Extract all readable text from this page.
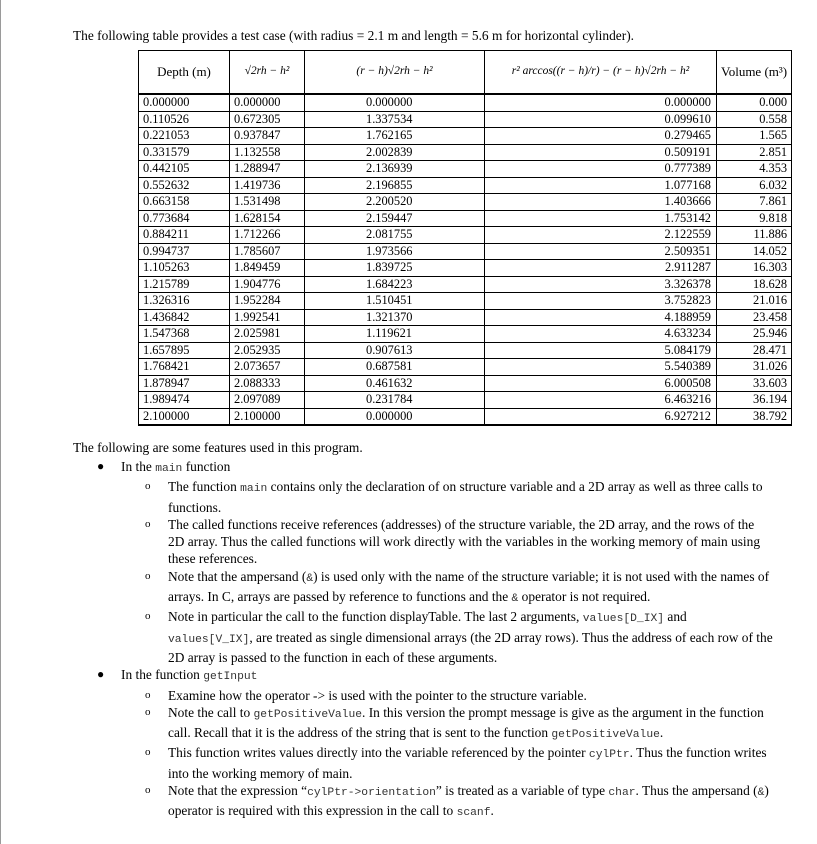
The following table provides a test case (with radius = 2.1 m and length = 5.6 m for horizontal cylinder).
Depth (m)	√2rh − h²	(r − h)√2rh − h²	r² arccos((r − h)/r) − (r − h)√2rh − h²	Volume (m³)
0.000000	0.000000	0.000000	0.000000	0.000
0.110526	0.672305	1.337534	0.099610	0.558
0.221053	0.937847	1.762165	0.279465	1.565
0.331579	1.132558	2.002839	0.509191	2.851
0.442105	1.288947	2.136939	0.777389	4.353
0.552632	1.419736	2.196855	1.077168	6.032
0.663158	1.531498	2.200520	1.403666	7.861
0.773684	1.628154	2.159447	1.753142	9.818
0.884211	1.712266	2.081755	2.122559	11.886
0.994737	1.785607	1.973566	2.509351	14.052
1.105263	1.849459	1.839725	2.911287	16.303
1.215789	1.904776	1.684223	3.326378	18.628
1.326316	1.952284	1.510451	3.752823	21.016
1.436842	1.992541	1.321370	4.188959	23.458
1.547368	2.025981	1.119621	4.633234	25.946
1.657895	2.052935	0.907613	5.084179	28.471
1.768421	2.073657	0.687581	5.540389	31.026
1.878947	2.088333	0.461632	6.000508	33.603
1.989474	2.097089	0.231784	6.463216	36.194
2.100000	2.100000	0.000000	6.927212	38.792
The following are some features used in this program.
● In the main function
o The function main contains only the declaration of on structure variable and a 2D array as well as three calls to functions.
o The called functions receive references (addresses) of the structure variable, the 2D array, and the rows of the 2D array. Thus the called functions will work directly with the variables in the working memory of main using these references.
o Note that the ampersand (&) is used only with the name of the structure variable; it is not used with the names of arrays. In C, arrays are passed by reference to functions and the & operator is not required.
o Note in particular the call to the function displayTable. The last 2 arguments, values[D_IX] and values[V_IX], are treated as single dimensional arrays (the 2D array rows). Thus the address of each row of the 2D array is passed to the function in each of these arguments.
● In the function getInput
o Examine how the operator -> is used with the pointer to the structure variable.
o Note the call to getPositiveValue. In this version the prompt message is give as the argument in the function call. Recall that it is the address of the string that is sent to the function getPositiveValue.
o This function writes values directly into the variable referenced by the pointer cylPtr. Thus the function writes into the working memory of main.
o Note that the expression “cylPtr->orientation” is treated as a variable of type char. Thus the ampersand (&) operator is required with this expression in the call to scanf.
